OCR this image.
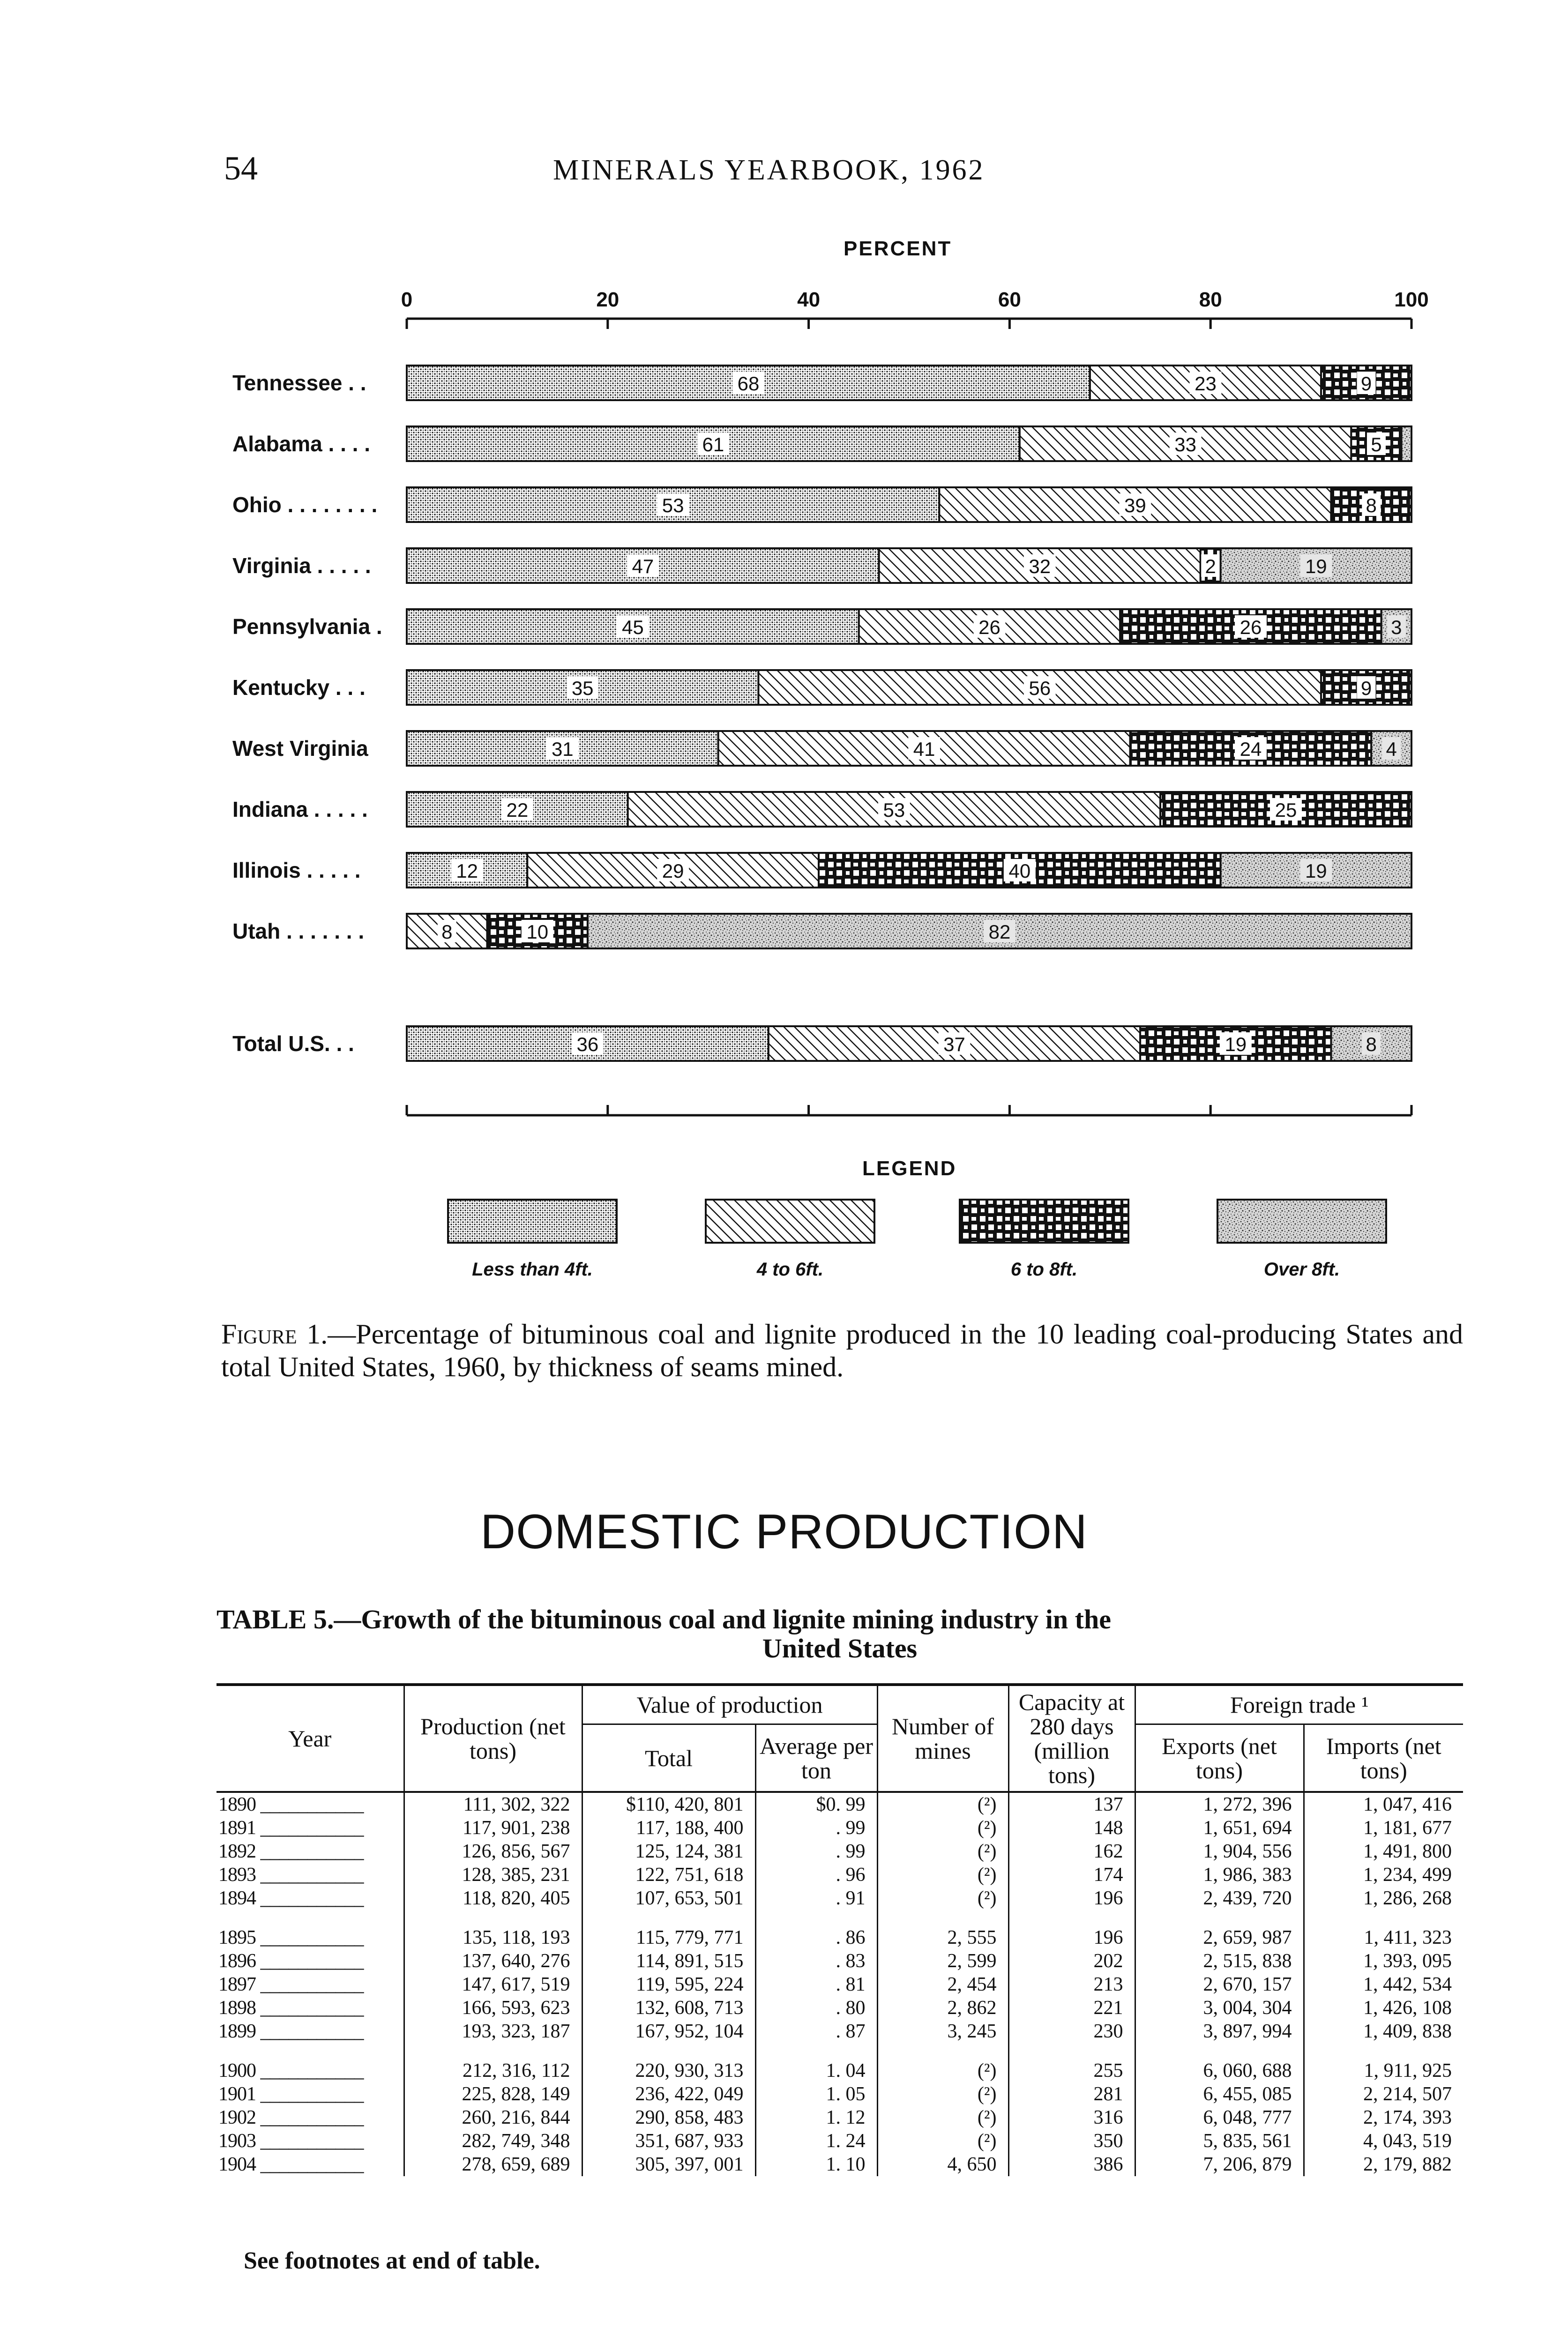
54	MINERALS YEARBOOK, 1962
PERCENT
0	20	40	60	80	100
Tennessee . .
Alabama . . . .
Ohio . . . . . . . .
Virginia . . . . .
Pennsylvania .
Kentucky . . .
West Virginia
Indiana . . . . .
Illinois . . . . .
Utah . . . . . . .
Total U.S. . .
68	23	9
61	33	5
53	39	8
47	32	2	19
45	26	26	3
35	56	9
31	41	24	4
22	53	25
12	29	40	19
8	10	82
36	37	19	8
LEGEND
Less than 4ft.	4 to 6ft.	6 to 8ft.	Over 8ft.
Figure 1.—Percentage of bituminous coal and lignite produced in the 10 leading coal-producing States and total United States, 1960, by thickness of seams mined.
DOMESTIC PRODUCTION
TABLE 5.—Growth of the bituminous coal and lignite mining industry in the
United States
Year	Production (net tons)	Value of production		Number of mines	Capacity at 280 days (million tons)	Foreign trade ¹	
		Total	Average per ton			Exports (net tons)	Imports (net tons)
1890 ___________	111, 302, 322	$110, 420, 801	$0. 99	(²)	137	1, 272, 396	1, 047, 416
1891 ___________	117, 901, 238	117, 188, 400	. 99	(²)	148	1, 651, 694	1, 181, 677
1892 ___________	126, 856, 567	125, 124, 381	. 99	(²)	162	1, 904, 556	1, 491, 800
1893 ___________	128, 385, 231	122, 751, 618	. 96	(²)	174	1, 986, 383	1, 234, 499
1894 ___________	118, 820, 405	107, 653, 501	. 91	(²)	196	2, 439, 720	1, 286, 268

1895 ___________	135, 118, 193	115, 779, 771	. 86	2, 555	196	2, 659, 987	1, 411, 323
1896 ___________	137, 640, 276	114, 891, 515	. 83	2, 599	202	2, 515, 838	1, 393, 095
1897 ___________	147, 617, 519	119, 595, 224	. 81	2, 454	213	2, 670, 157	1, 442, 534
1898 ___________	166, 593, 623	132, 608, 713	. 80	2, 862	221	3, 004, 304	1, 426, 108
1899 ___________	193, 323, 187	167, 952, 104	. 87	3, 245	230	3, 897, 994	1, 409, 838

1900 ___________	212, 316, 112	220, 930, 313	1. 04	(²)	255	6, 060, 688	1, 911, 925
1901 ___________	225, 828, 149	236, 422, 049	1. 05	(²)	281	6, 455, 085	2, 214, 507
1902 ___________	260, 216, 844	290, 858, 483	1. 12	(²)	316	6, 048, 777	2, 174, 393
1903 ___________	282, 749, 348	351, 687, 933	1. 24	(²)	350	5, 835, 561	4, 043, 519
1904 ___________	278, 659, 689	305, 397, 001	1. 10	4, 650	386	7, 206, 879	2, 179, 882
See footnotes at end of table.
